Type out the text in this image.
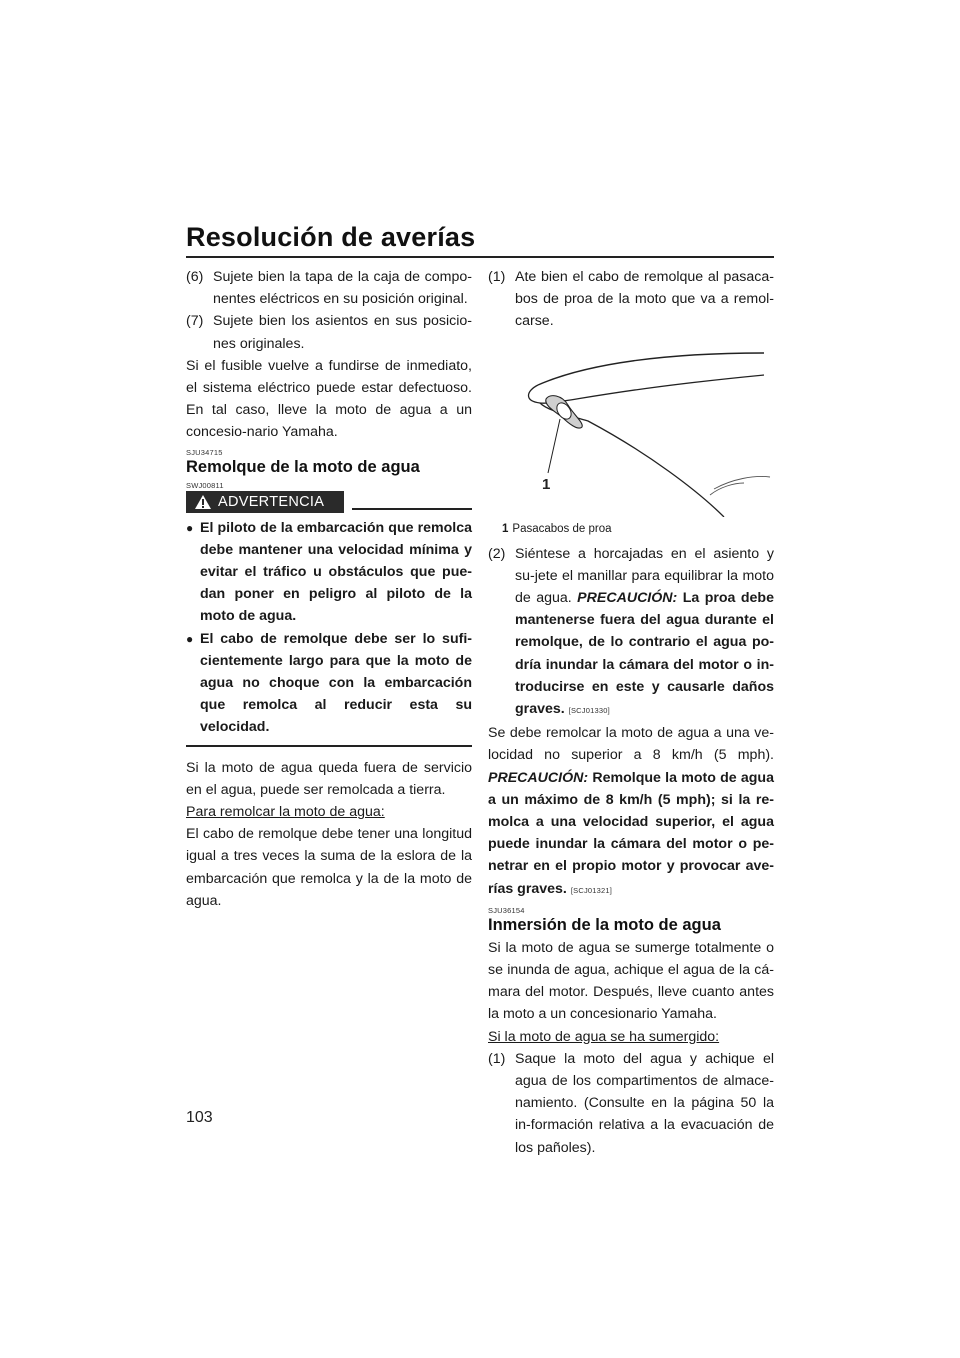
Resolución de averías
(6) Sujete bien la tapa de la caja de compo-nentes eléctricos en su posición original.
(7) Sujete bien los asientos en sus posicio-nes originales.

Si el fusible vuelve a fundirse de inmediato, el sistema eléctrico puede estar defectuoso. En tal caso, lleve la moto de agua a un concesio-nario Yamaha.

SJU34715
Remolque de la moto de agua
SWJ00811
ADVERTENCIA
● El piloto de la embarcación que remolca debe mantener una velocidad mínima y evitar el tráfico u obstáculos que pue-dan poner en peligro al piloto de la moto de agua.
● El cabo de remolque debe ser lo sufi-cientemente largo para que la moto de agua no choque con la embarcación que remolca al reducir esta su velocidad.

Si la moto de agua queda fuera de servicio en el agua, puede ser remolcada a tierra.

Para remolcar la moto de agua:

El cabo de remolque debe tener una longitud igual a tres veces la suma de la eslora de la embarcación que remolca y la de la moto de agua.

(1) Ate bien el cabo de remolque al pasaca-bos de proa de la moto que va a remol-carse.
1
1 Pasacabos de proa
(2) Siéntese a horcajadas en el asiento y su-jete el manillar para equilibrar la moto de agua. PRECAUCIÓN: La proa debe mantenerse fuera del agua durante el remolque, de lo contrario el agua po-dría inundar la cámara del motor o in-troducirse en este y causarle daños graves. [SCJ01330]

Se debe remolcar la moto de agua a una ve-locidad no superior a 8 km/h (5 mph). PRECAUCIÓN: Remolque la moto de agua a un máximo de 8 km/h (5 mph); si la re-molca a una velocidad superior, el agua puede inundar la cámara del motor o pe-netrar en el propio motor y provocar ave-rías graves. [SCJ01321]

SJU36154
Inmersión de la moto de agua

Si la moto de agua se sumerge totalmente o se inunda de agua, achique el agua de la cá-mara del motor. Después, lleve cuanto antes la moto a un concesionario Yamaha.

Si la moto de agua se ha sumergido:

(1) Saque la moto del agua y achique el agua de los compartimentos de almace-namiento. (Consulte en la página 50 la in-formación relativa a la evacuación de los pañoles).
103
